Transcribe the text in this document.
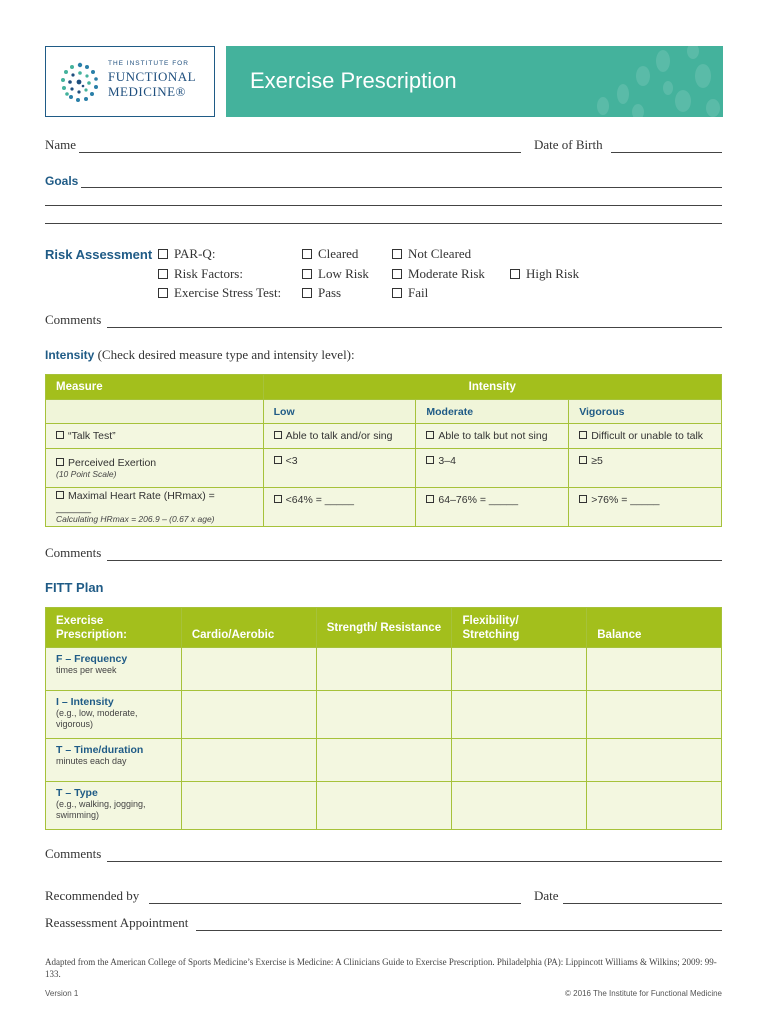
THE INSTITUTE FOR
FUNCTIONAL
MEDICINE®	Exercise Prescription
Name	Date of Birth
Goals
Risk Assessment	PAR-Q:	Cleared	Not Cleared
Risk Factors:	Low Risk	Moderate Risk	High Risk
Exercise Stress Test:	Pass	Fail
Comments
Intensity (Check desired measure type and intensity level):
Measure	Intensity		
	Low	Moderate	Vigorous
“Talk Test”	Able to talk and/or sing	Able to talk but not sing	Difficult or unable to talk

Perceived Exertion
(10 Point Scale)	<3	3–4	≥5

Maximal Heart Rate (HRmax) = ______
Calculating HRmax = 206.9 – (0.67 x age)	<64% = _____	64–76% = _____	>76% = _____
Comments
FITT Plan
Exercise Prescription:	Cardio/Aerobic	Strength/ Resistance	Flexibility/ Stretching	Balance

F – Frequency
times per week				

I – Intensity
(e.g., low, moderate, vigorous)				

T – Time/duration
minutes each day				

T – Type
(e.g., walking, jogging, swimming)				

Comments
Recommended by	Date
Reassessment Appointment
Adapted from the American College of Sports Medicine’s Exercise is Medicine: A Clinicians Guide to Exercise Prescription. Philadelphia (PA): Lippincott Williams & Wilkins; 2009: 99-133.
Version 1	© 2016 The Institute for Functional Medicine
